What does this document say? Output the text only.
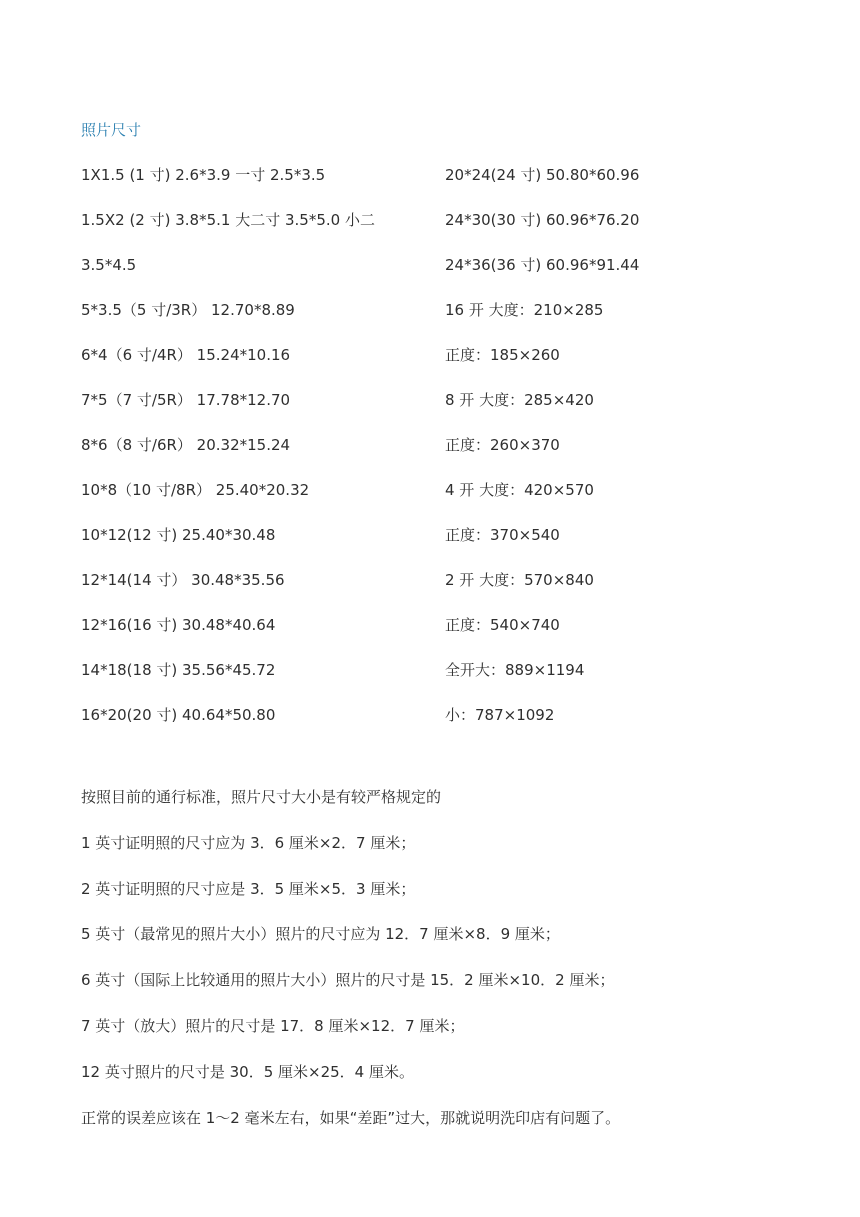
照片尺寸
1X1.5 (1 寸) 2.6*3.9 一寸 2.5*3.5
1.5X2 (2 寸) 3.8*5.1 大二寸 3.5*5.0 小二
3.5*4.5
5*3.5（5 寸/3R） 12.70*8.89
6*4（6 寸/4R） 15.24*10.16
7*5（7 寸/5R） 17.78*12.70
8*6（8 寸/6R） 20.32*15.24
10*8（10 寸/8R） 25.40*20.32
10*12(12 寸) 25.40*30.48
12*14(14 寸） 30.48*35.56
12*16(16 寸) 30.48*40.64
14*18(18 寸) 35.56*45.72
16*20(20 寸) 40.64*50.80
20*24(24 寸) 50.80*60.96
24*30(30 寸) 60.96*76.20
24*36(36 寸) 60.96*91.44
16 开 大度：210×285
正度：185×260
8 开 大度：285×420
正度：260×370
4 开 大度：420×570
正度：370×540
2 开 大度：570×840
正度：540×740
全开大：889×1194
小：787×1092
按照目前的通行标准，照片尺寸大小是有较严格规定的
1 英寸证明照的尺寸应为 3．6 厘米×2．7 厘米；
2 英寸证明照的尺寸应是 3．5 厘米×5．3 厘米；
5 英寸（最常见的照片大小）照片的尺寸应为 12．7 厘米×8．9 厘米；
6 英寸（国际上比较通用的照片大小）照片的尺寸是 15．2 厘米×10．2 厘米；
7 英寸（放大）照片的尺寸是 17．8 厘米×12．7 厘米；
12 英寸照片的尺寸是 30．5 厘米×25．4 厘米。
正常的误差应该在 1～2 毫米左右，如果“差距”过大，那就说明洗印店有问题了。
